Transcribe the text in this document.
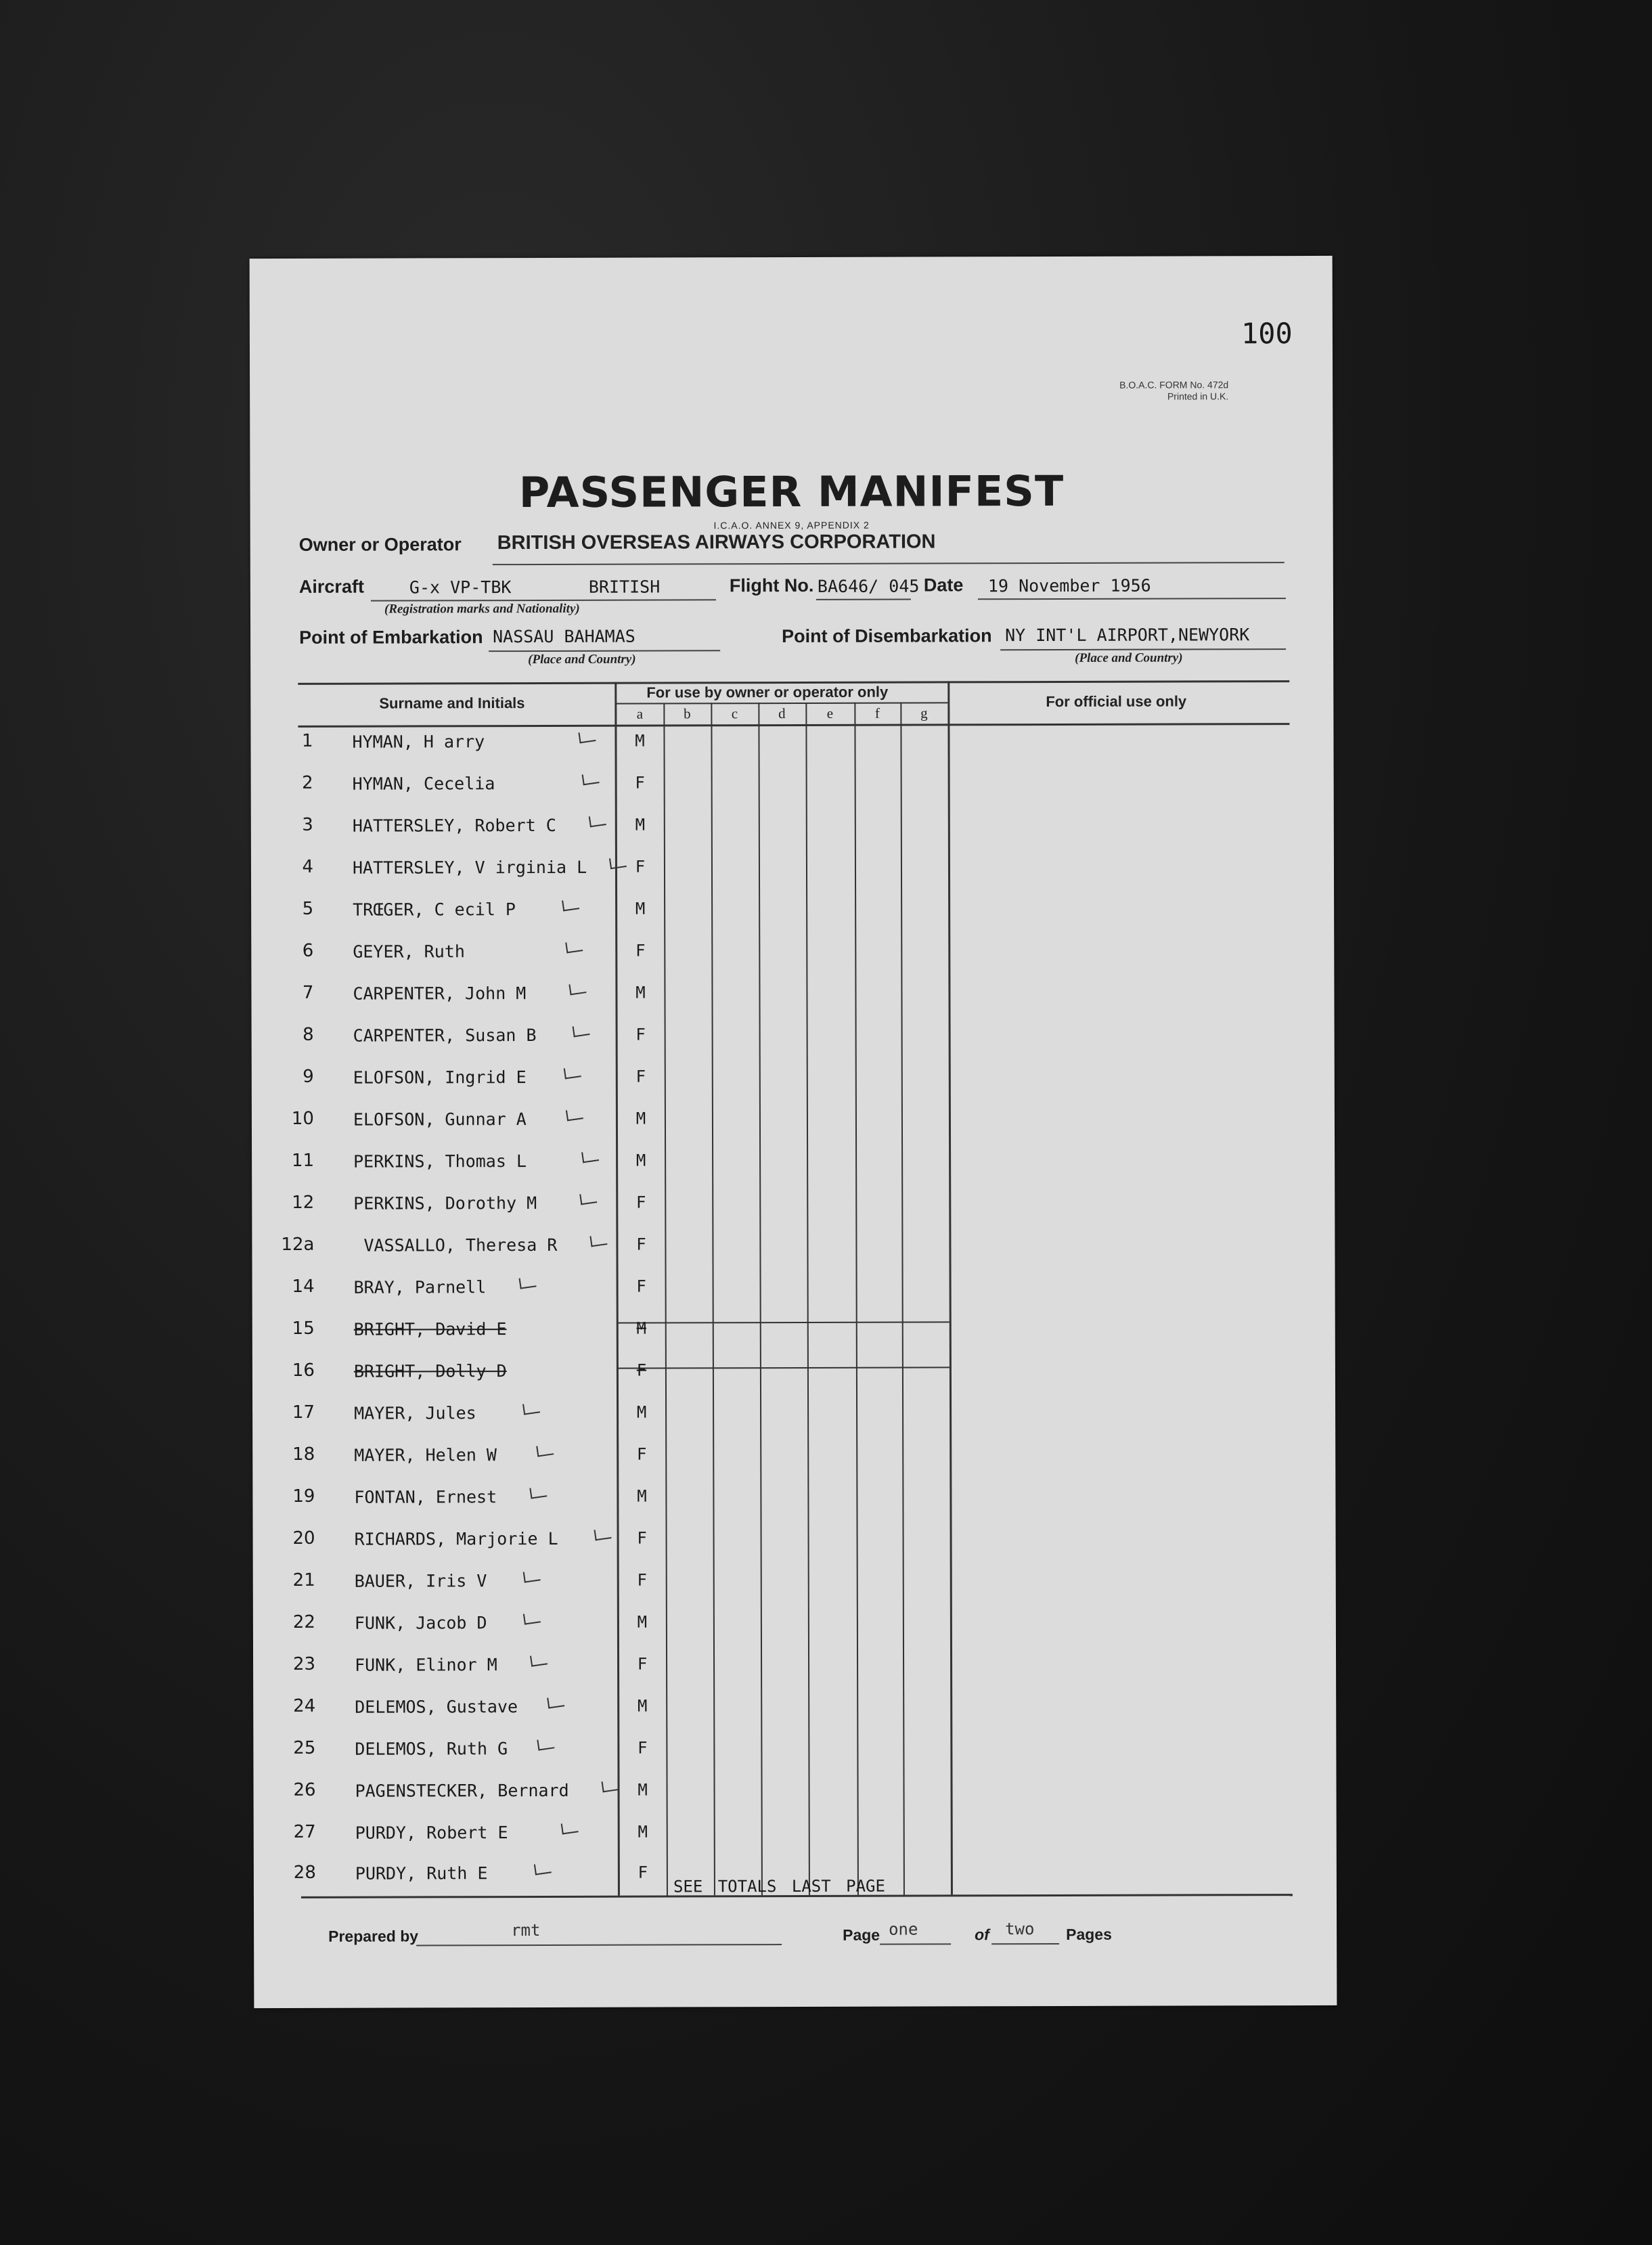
100
B.O.A.C. FORM No. 472d
Printed in U.K.
PASSENGER MANIFEST
I.C.A.O. ANNEX 9, APPENDIX 2
Owner or Operator BRITISH OVERSEAS AIRWAYS CORPORATION
Aircraft	G-x VP-TBK	BRITISH
(Registration marks and Nationality)
Flight No. BA646/ 045 Date 19 November 1956
Point of Embarkation NASSAU BAHAMAS
(Place and Country)
Point of Disembarkation NY INT'L AIRPORT,NEWYORK
(Place and Country)
Surname and Initials
For use by owner or operator only
For official use only
a	b	c	d	e	f	g
1 HYMAN, H arry	M
2 HYMAN, Cecelia	F
3 HATTERSLEY, Robert C	M
4 HATTERSLEY, V irginia L	F
5 TRŒGER, C ecil P	M
6 GEYER, Ruth	F
7 CARPENTER, John M	M
8 CARPENTER, Susan B	F
9 ELOFSON, Ingrid E	F
10 ELOFSON, Gunnar A	M
11 PERKINS, Thomas L	M
12 PERKINS, Dorothy M	F
12a	VASSALLO, Theresa R	F
14 BRAY, Parnell	F
15 BRIGHT, David E	M
16 BRIGHT, Dolly D	F
17 MAYER, Jules	M
18 MAYER, Helen W	F
19 FONTAN, Ernest	M
20 RICHARDS, Marjorie L	F
21 BAUER, Iris V	F
22 FUNK, Jacob D	M
23 FUNK, Elinor M	F
24 DELEMOS, Gustave	M
25 DELEMOS, Ruth G	F
26 PAGENSTECKER, Bernard	M
27 PURDY, Robert E	M
28 PURDY, Ruth E	F
SEE TOTALS LAST PAGE
Prepared by	rmt	Page one	of two Pages
